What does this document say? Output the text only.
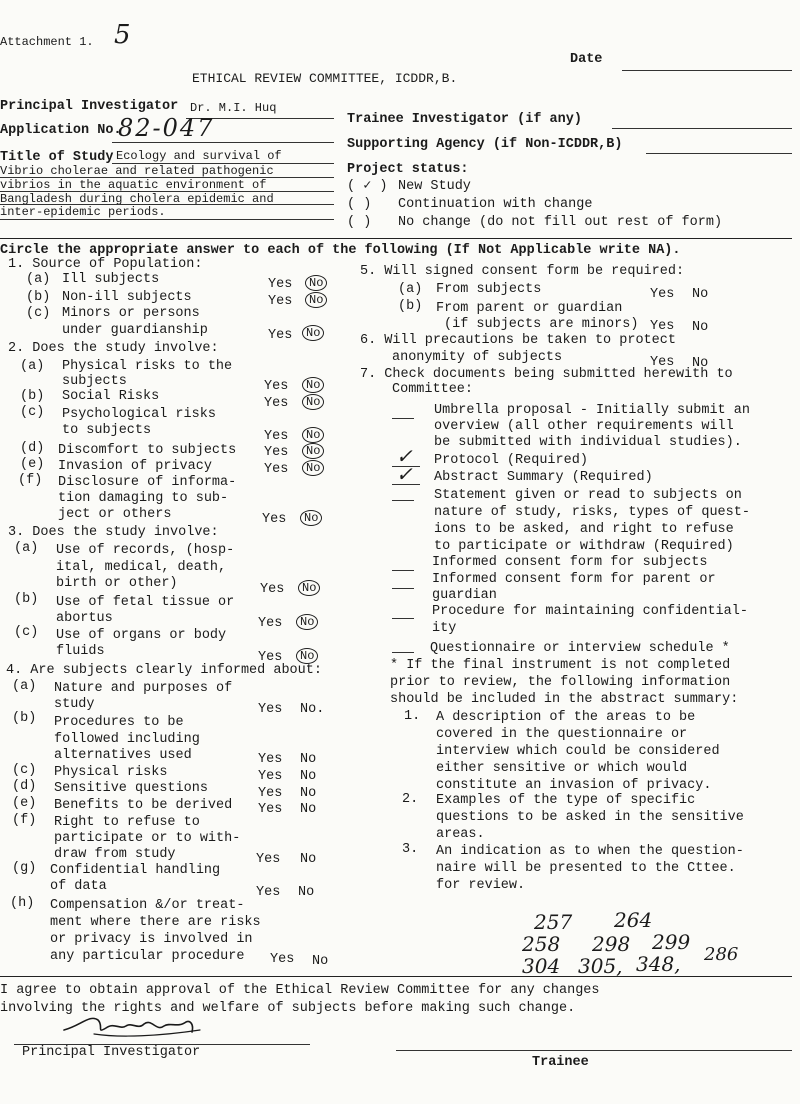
Attachment 1. 5
Date
ETHICAL REVIEW COMMITTEE, ICDDR,B.
Principal Investigator Dr. M.I. Huq
Application No.
82-047
Title of Study Ecology and survival of
Vibrio cholerae and related pathogenic
vibrios in the aquatic environment of
Bangladesh during cholera epidemic and
inter-epidemic periods.
Trainee Investigator (if any)
Supporting Agency (if Non-ICDDR,B)
Project status:
( ✓ ) New Study
( ) Continuation with change
( ) No change (do not fill out rest of form)
Circle the appropriate answer to each of the following (If Not Applicable write NA).
1. Source of Population:
(a) Ill subjects	Yes	No
(b) Non-ill subjects	Yes	No
(c) Minors or persons
under guardianship	Yes	No
2. Does the study involve:
(a) Physical risks to the
subjects	Yes	No
(b) Social Risks	Yes	No
(c) Psychological risks
to subjects	Yes	No
(d) Discomfort to subjects Yes	No
(e) Invasion of privacy	Yes	No
(f) Disclosure of informa-
tion damaging to sub-
ject or others	Yes	No
3. Does the study involve:
(a) Use of records, (hosp-
ital, medical, death,
birth or other)	Yes	No
(b) Use of fetal tissue or
abortus	Yes	No
(c) Use of organs or body
fluids	Yes	No
4. Are subjects clearly informed about:
(a) Nature and purposes of
study	Yes No.
(b) Procedures to be
followed including
alternatives used	Yes No
(c) Physical risks	Yes No
(d) Sensitive questions	Yes No
(e) Benefits to be derived Yes No
(f) Right to refuse to
participate or to with-
draw from study	Yes No
(g) Confidential handling
of data	Yes No
(h) Compensation &/or treat-
ment where there are risks
or privacy is involved in
any particular procedure Yes No
5. Will signed consent form be required:
(a) From subjects	Yes No
(b) From parent or guardian
(if subjects are minors) Yes No
6. Will precautions be taken to protect
anonymity of subjects	Yes No
7. Check documents being submitted herewith to
Committee:
Umbrella proposal - Initially submit an
overview (all other requirements will
be submitted with individual studies).
✓ Protocol (Required)
✓ Abstract Summary (Required)
Statement given or read to subjects on
nature of study, risks, types of quest-
ions to be asked, and right to refuse
to participate or withdraw (Required)
Informed consent form for subjects
Informed consent form for parent or
guardian
Procedure for maintaining confidential-
ity
Questionnaire or interview schedule *
* If the final instrument is not completed
prior to review, the following information
should be included in the abstract summary:
1. A description of the areas to be
covered in the questionnaire or
interview which could be considered
either sensitive or which would
constitute an invasion of privacy.
2. Examples of the type of specific
questions to be asked in the sensitive
areas.
3. An indication as to when the question-
naire will be presented to the Cttee.
for review.
257 264
258 298 299
304 305, 348, 286
I agree to obtain approval of the Ethical Review Committee for any changes
involving the rights and welfare of subjects before making such change.
Principal Investigator
Trainee
